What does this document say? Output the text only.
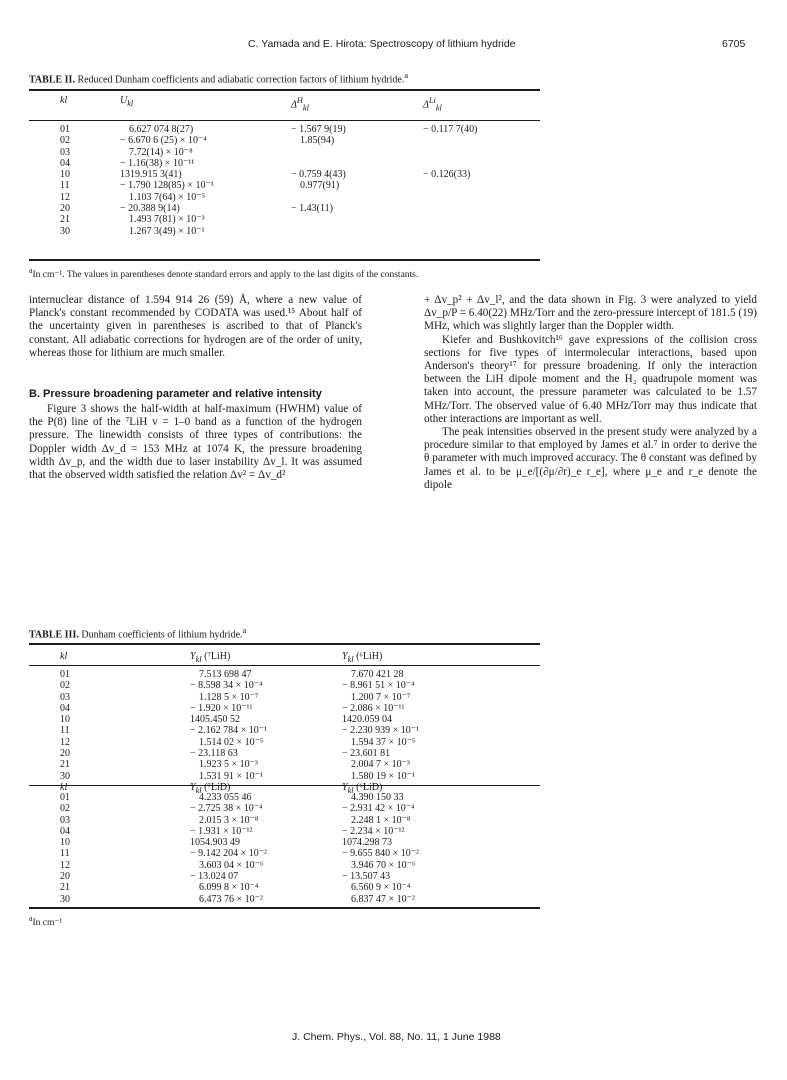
C. Yamada and E. Hirota: Spectroscopy of lithium hydride	6705
TABLE II. Reduced Dunham coefficients and adiabatic correction factors of lithium hydride.$^a$
kl	$U_{kl}$	$\Delta^H_{kl}$	$\Delta^{Li}_{kl}$
01	6.627 074 8(27)	− 1.567 9(19)	− 0.117 7(40)
02	− 6.670 6 (25) × 10⁻⁴	1.85(94)	
03	7.72(14) × 10⁻⁸		
04	− 1.16(38) × 10⁻¹¹		
10	1319.915 3(41)	− 0.759 4(43)	− 0.126(33)
11	− 1.790 128(85) × 10⁻¹	0.977(91)	
12	1.103 7(64) × 10⁻⁵		
20	− 20.388 9(14)	− 1.43(11)	
21	1.493 7(81) × 10⁻³		
30	1.267 3(49) × 10⁻¹		
$^a$In cm⁻¹. The values in parentheses denote standard errors and apply to the last digits of the constants.

internuclear distance of 1.594 914 26 (59) Å, where a new value of Planck's constant recommended by CODATA was used.¹⁵ About half of the uncertainty given in parentheses is ascribed to that of Planck's constant. All adiabatic corrections for hydrogen are of the order of unity, whereas those for lithium are much smaller.

B. Pressure broadening parameter and relative intensity

Figure 3 shows the half-width at half-maximum (HWHM) value of the P(8) line of the ⁷LiH v = 1–0 band as a function of the hydrogen pressure. The linewidth consists of three types of contributions: the Doppler width Δv_d = 153 MHz at 1074 K, the pressure broadening width Δv_p, and the width due to laser instability Δv_l. It was assumed that the observed width satisfied the relation Δv² = Δv_d²

+ Δv_p² + Δv_l², and the data shown in Fig. 3 were analyzed to yield Δv_p/P = 6.40(22) MHz/Torr and the zero-pressure intercept of 181.5 (19) MHz, which was slightly larger than the Doppler width.

Kiefer and Bushkovitch¹⁶ gave expressions of the collision cross sections for five types of intermolecular interactions, based upon Anderson's theory¹⁷ for pressure broadening. If only the interaction between the LiH dipole moment and the H₂ quadrupole moment was taken into account, the pressure parameter was calculated to be 1.57 MHz/Torr. The observed value of 6.40 MHz/Torr may thus indicate that other interactions are important as well.

The peak intensities observed in the present study were analyzed by a procedure similar to that employed by James et al.⁷ in order to derive the θ parameter with much improved accuracy. The θ constant was defined by James et al. to be μ_e/[(∂μ/∂r)_e r_e], where μ_e and r_e denote the dipole

TABLE III. Dunham coefficients of lithium hydride.$^a$
kl	$Y_{kl}$ (⁷LiH)	$Y_{kl}$ (⁶LiH)
01	7.513 698 47	7.670 421 28
02	− 8.598 34 × 10⁻⁴	− 8.961 51 × 10⁻⁴
03	1.128 5 × 10⁻⁷	1.200 7 × 10⁻⁷
04	− 1.920 × 10⁻¹¹	− 2.086 × 10⁻¹¹
10	1405.450 52	1420.059 04
11	− 2.162 784 × 10⁻¹	− 2.230 939 × 10⁻¹
12	1.514 02 × 10⁻⁵	1.594 37 × 10⁻⁵
20	− 23.118 63	− 23.601 81
21	1.923 5 × 10⁻³	2.004 7 × 10⁻³
30	1.531 91 × 10⁻¹	1.580 19 × 10⁻¹
kl	$Y_{kl}$ (⁷LiD)	$Y_{kl}$ (⁶LiD)
01	4.233 055 46	4.390 150 33
02	− 2.725 38 × 10⁻⁴	− 2.931 42 × 10⁻⁴
03	2.015 3 × 10⁻⁸	2.248 1 × 10⁻⁸
04	− 1.931 × 10⁻¹²	− 2.234 × 10⁻¹²
10	1054.903 49	1074.298 73
11	− 9.142 204 × 10⁻²	− 9.655 840 × 10⁻²
12	3.603 04 × 10⁻⁶	3.946 70 × 10⁻⁶
20	− 13.024 07	− 13.507 43
21	6.099 8 × 10⁻⁴	6.560 9 × 10⁻⁴
30	6.473 76 × 10⁻²	6.837 47 × 10⁻²
$^a$In cm⁻¹
J. Chem. Phys., Vol. 88, No. 11, 1 June 1988
